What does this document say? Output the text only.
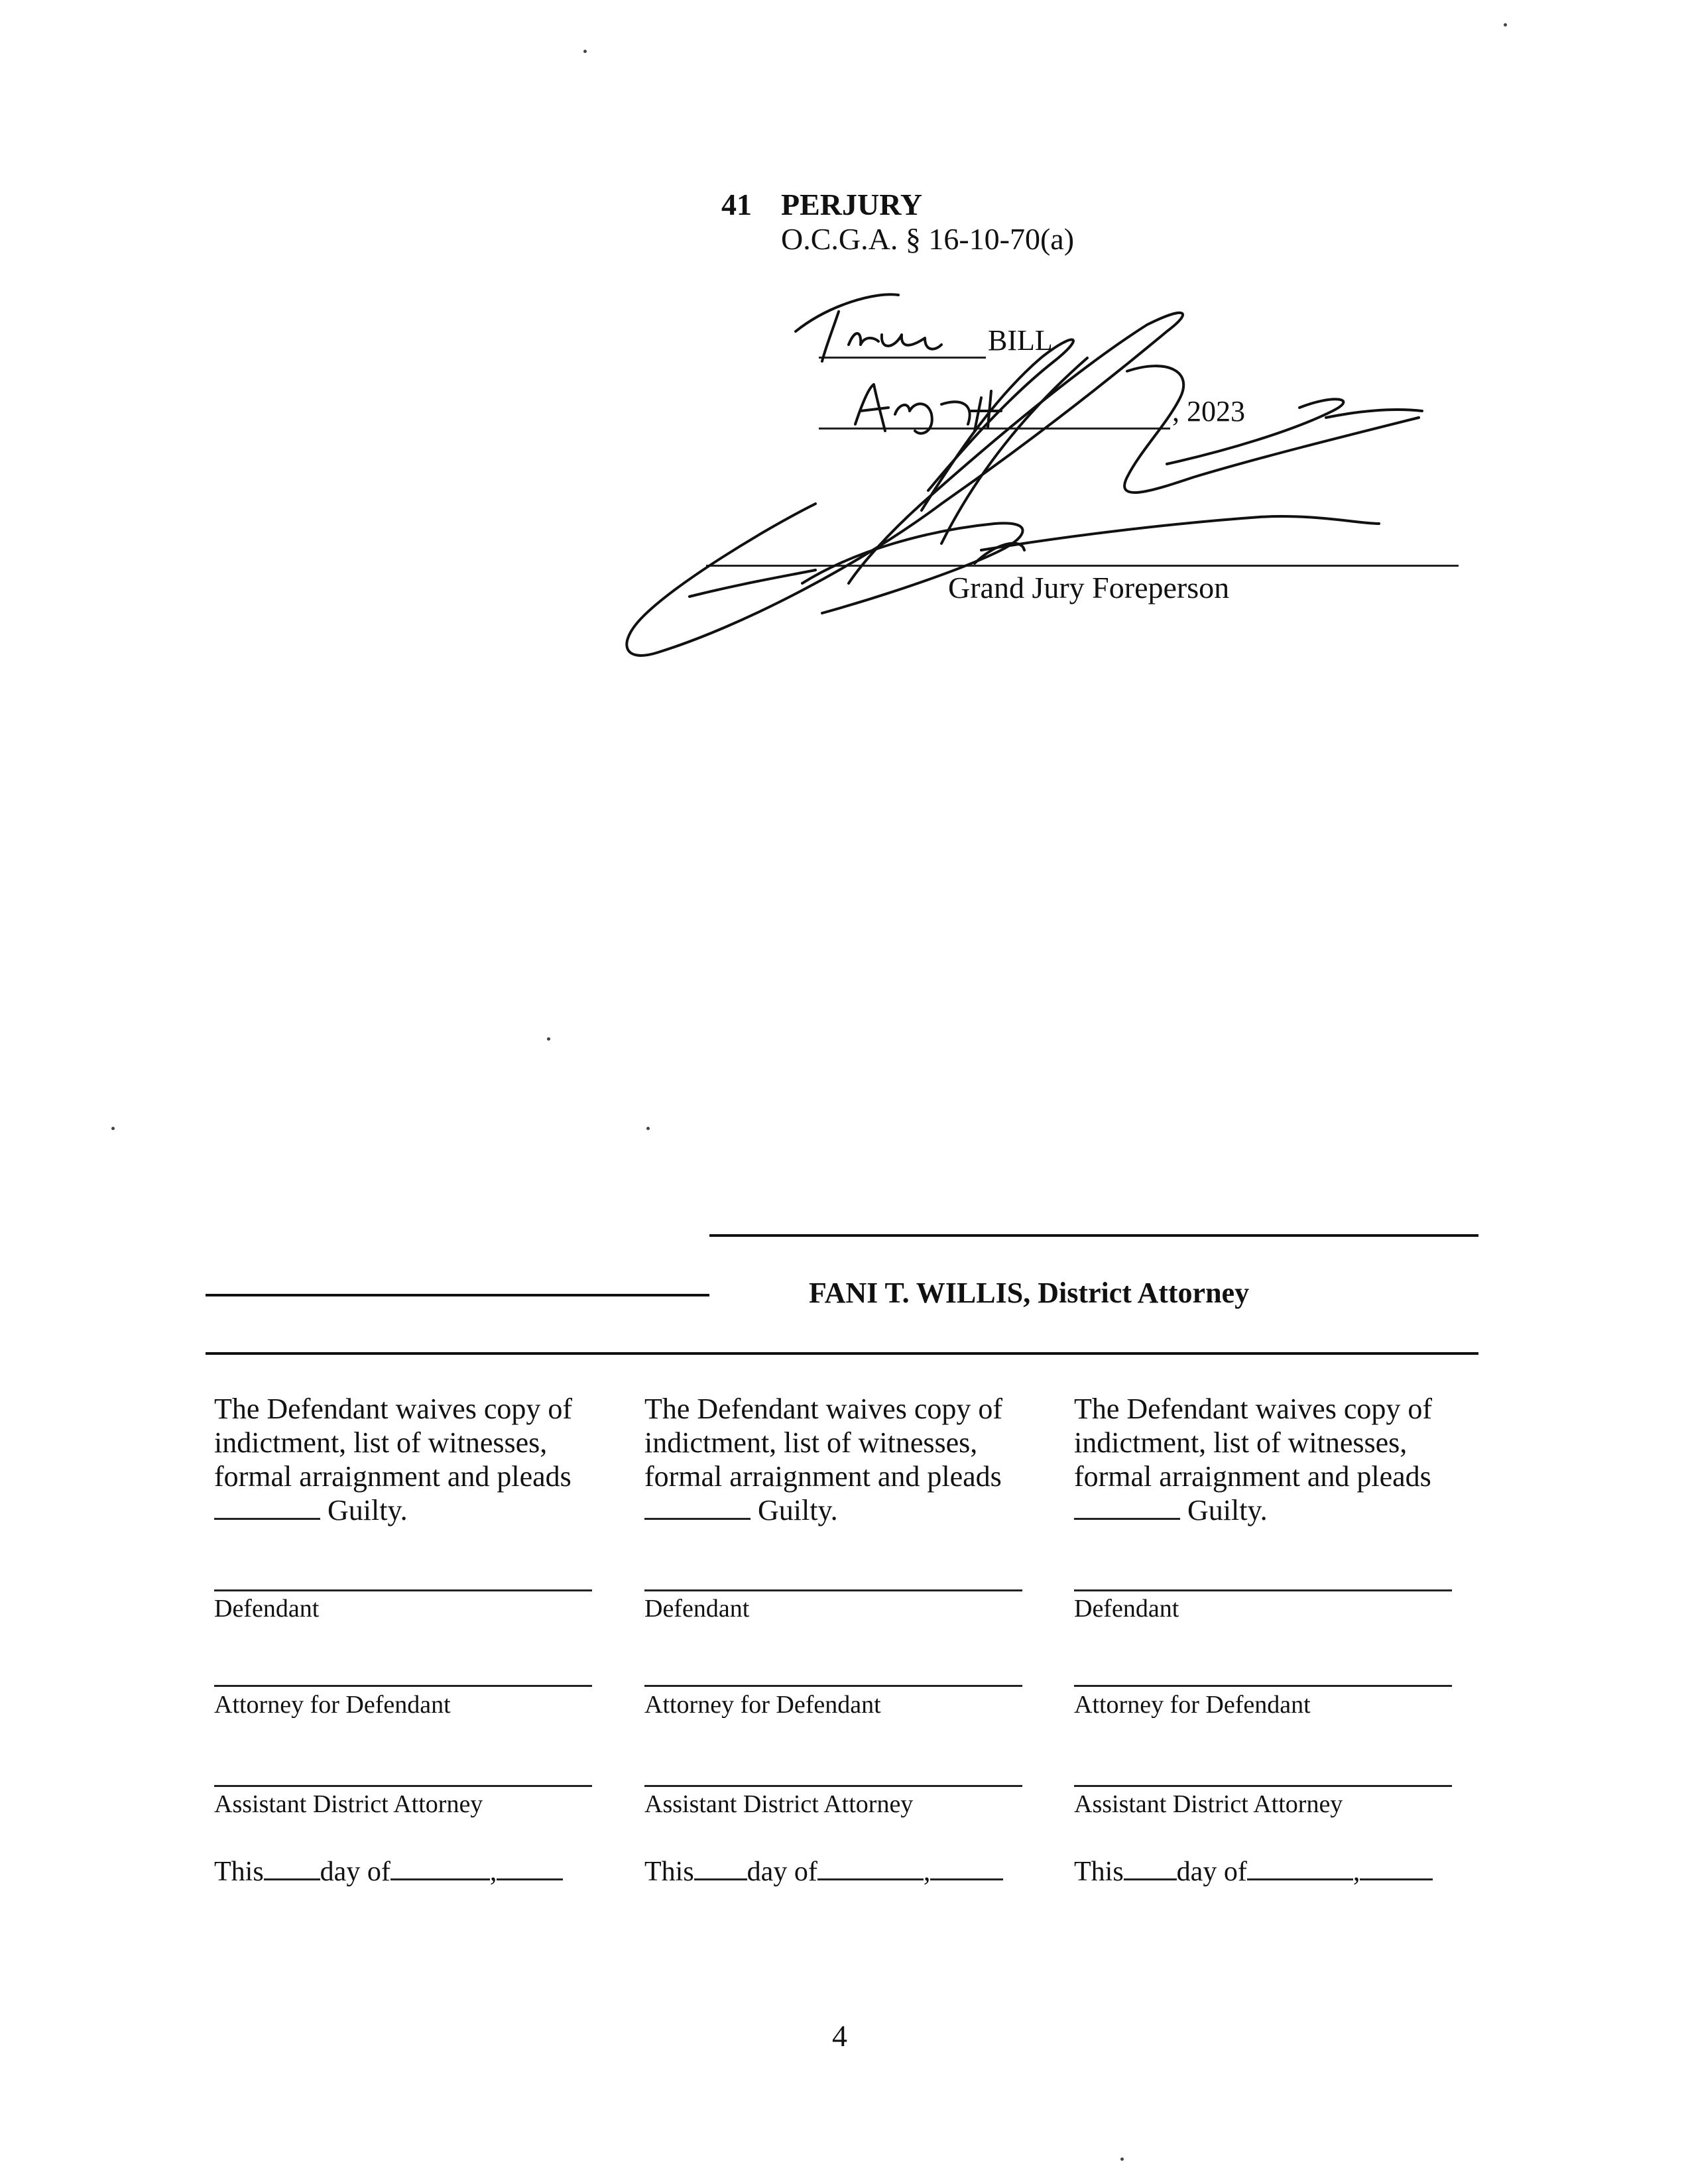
41 PERJURY
O.C.G.A. § 16-10-70(a)
BILL
, 2023
Grand Jury Foreperson
FANI T. WILLIS, District Attorney
The Defendant waives copy of indictment, list of witnesses, formal arraignment and pleads
Guilty.
Defendant
Attorney for Defendant
Assistant District Attorney
This day of	,
The Defendant waives copy of indictment, list of witnesses, formal arraignment and pleads
Guilty.
Defendant
Attorney for Defendant
Assistant District Attorney
This day of	,
The Defendant waives copy of indictment, list of witnesses, formal arraignment and pleads
Guilty.
Defendant
Attorney for Defendant
Assistant District Attorney
This day of	,
4
